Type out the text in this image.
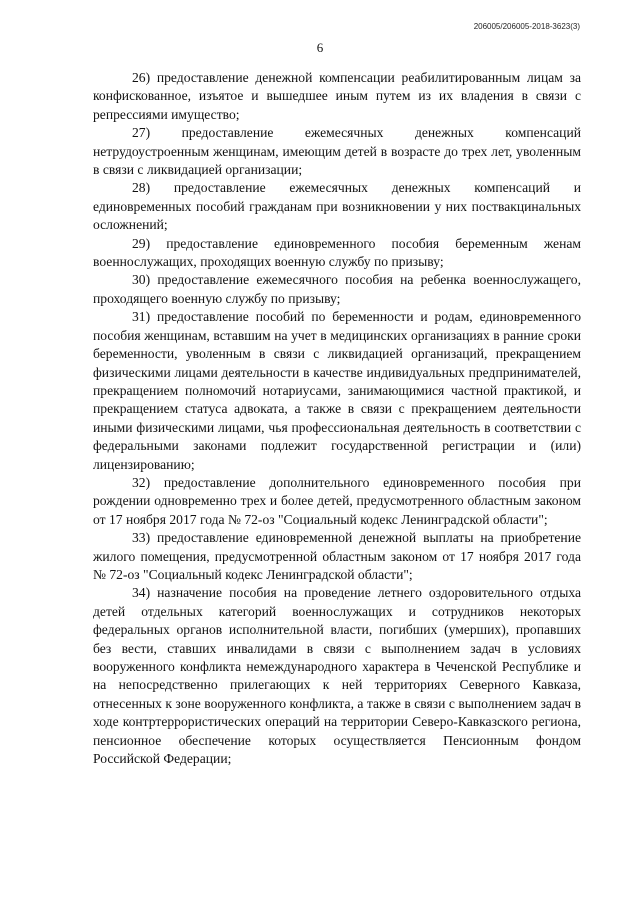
206005/206005-2018-3623(3)
6

26) предоставление денежной компенсации реабилитированным лицам за конфискованное, изъятое и вышедшее иным путем из их владения в связи с репрессиями имущество;

27) предоставление ежемесячных денежных компенсаций нетрудоустроенным женщинам, имеющим детей в возрасте до трех лет, уволенным в связи с ликвидацией организации;

28) предоставление ежемесячных денежных компенсаций и единовременных пособий гражданам при возникновении у них поствакцинальных осложнений;

29) предоставление единовременного пособия беременным женам военнослужащих, проходящих военную службу по призыву;

30) предоставление ежемесячного пособия на ребенка военнослужащего, проходящего военную службу по призыву;

31) предоставление пособий по беременности и родам, единовременного пособия женщинам, вставшим на учет в медицинских организациях в ранние сроки беременности, уволенным в связи с ликвидацией организаций, прекращением физическими лицами деятельности в качестве индивидуальных предпринимателей, прекращением полномочий нотариусами, занимающимися частной практикой, и прекращением статуса адвоката, а также в связи с прекращением деятельности иными физическими лицами, чья профессиональная деятельность в соответствии с федеральными законами подлежит государственной регистрации и (или) лицензированию;

32) предоставление дополнительного единовременного пособия при рождении одновременно трех и более детей, предусмотренного областным законом от 17 ноября 2017 года № 72-оз "Социальный кодекс Ленинградской области";

33) предоставление единовременной денежной выплаты на приобретение жилого помещения, предусмотренной областным законом от 17 ноября 2017 года № 72-оз "Социальный кодекс Ленинградской области";

34) назначение пособия на проведение летнего оздоровительного отдыха детей отдельных категорий военнослужащих и сотрудников некоторых федеральных органов исполнительной власти, погибших (умерших), пропавших без вести, ставших инвалидами в связи с выполнением задач в условиях вооруженного конфликта немеждународного характера в Чеченской Республике и на непосредственно прилегающих к ней территориях Северного Кавказа, отнесенных к зоне вооруженного конфликта, а также в связи с выполнением задач в ходе контртеррористических операций на территории Северо-Кавказского региона, пенсионное обеспечение которых осуществляется Пенсионным фондом Российской Федерации;
